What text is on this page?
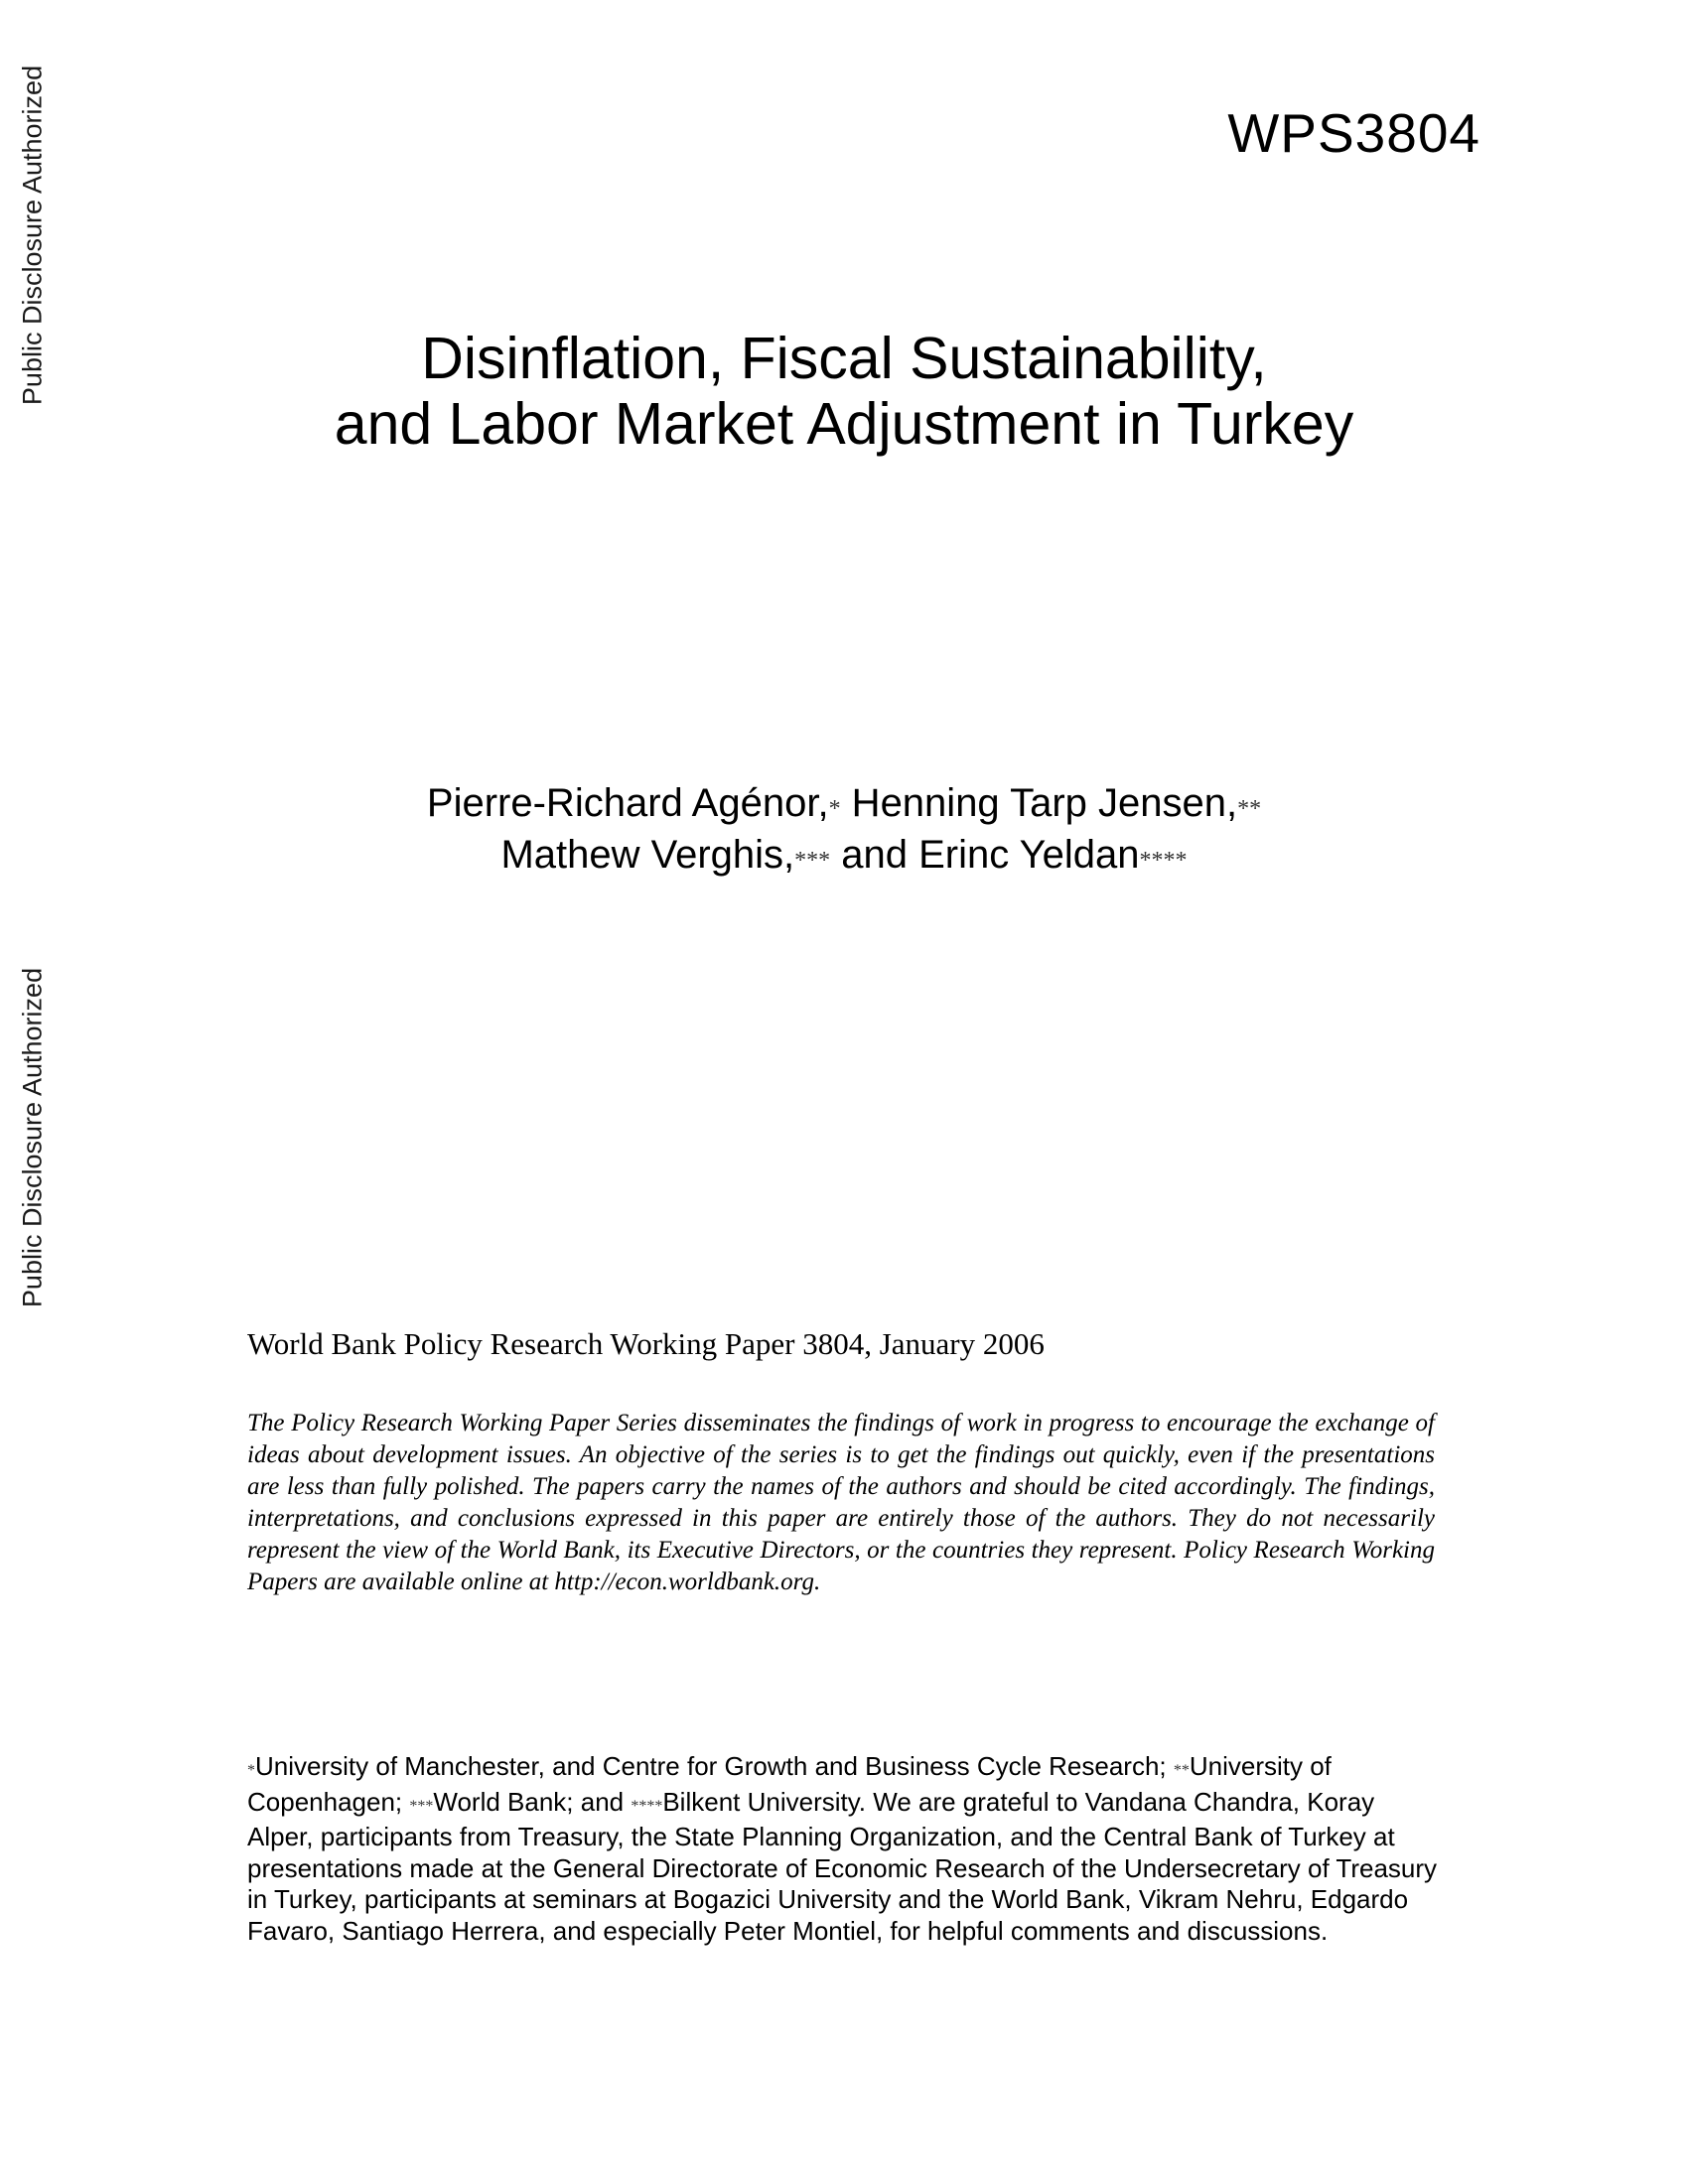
Public Disclosure Authorized
Public Disclosure Authorized
WPS3804
Disinflation, Fiscal Sustainability,
and Labor Market Adjustment in Turkey
Pierre-Richard Agénor,* Henning Tarp Jensen,**
Mathew Verghis,*** and Erinc Yeldan****
World Bank Policy Research Working Paper 3804, January 2006
The Policy Research Working Paper Series disseminates the findings of work in progress to encourage the exchange of ideas about development issues. An objective of the series is to get the findings out quickly, even if the presentations are less than fully polished. The papers carry the names of the authors and should be cited accordingly. The findings, interpretations, and conclusions expressed in this paper are entirely those of the authors. They do not necessarily represent the view of the World Bank, its Executive Directors, or the countries they represent. Policy Research Working Papers are available online at http://econ.worldbank.org.
*University of Manchester, and Centre for Growth and Business Cycle Research; **University of Copenhagen; ***World Bank; and ****Bilkent University. We are grateful to Vandana Chandra, Koray Alper, participants from Treasury, the State Planning Organization, and the Central Bank of Turkey at presentations made at the General Directorate of Economic Research of the Undersecretary of Treasury in Turkey, participants at seminars at Bogazici University and the World Bank, Vikram Nehru, Edgardo Favaro, Santiago Herrera, and especially Peter Montiel, for helpful comments and discussions.
